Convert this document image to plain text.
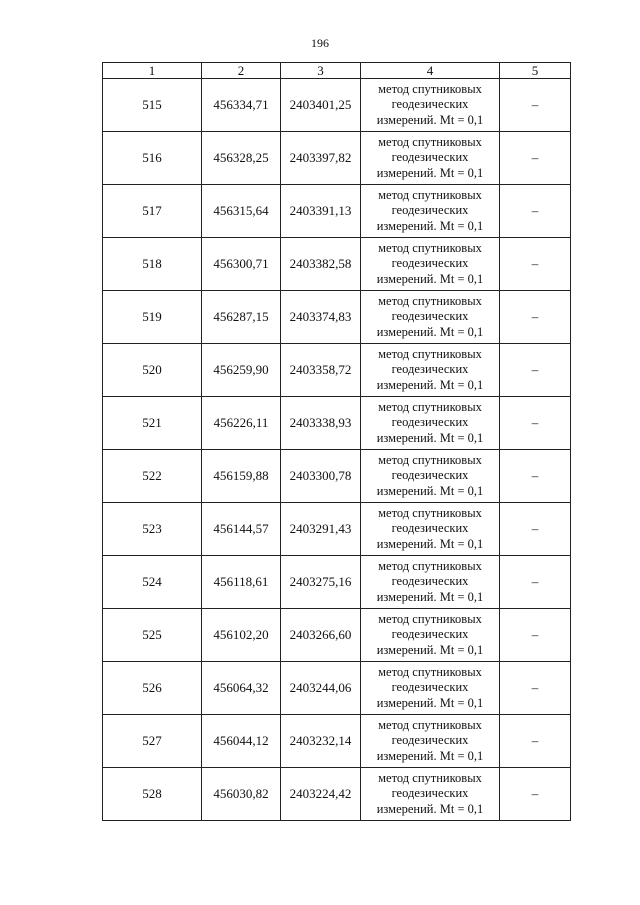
196
1	2	3	4	5
515	456334,71	2403401,25	метод спутниковых
геодезических
измерений. Mt = 0,1	–
516	456328,25	2403397,82	метод спутниковых
геодезических
измерений. Mt = 0,1	–
517	456315,64	2403391,13	метод спутниковых
геодезических
измерений. Mt = 0,1	–
518	456300,71	2403382,58	метод спутниковых
геодезических
измерений. Mt = 0,1	–
519	456287,15	2403374,83	метод спутниковых
геодезических
измерений. Mt = 0,1	–
520	456259,90	2403358,72	метод спутниковых
геодезических
измерений. Mt = 0,1	–
521	456226,11	2403338,93	метод спутниковых
геодезических
измерений. Mt = 0,1	–
522	456159,88	2403300,78	метод спутниковых
геодезических
измерений. Mt = 0,1	–
523	456144,57	2403291,43	метод спутниковых
геодезических
измерений. Mt = 0,1	–
524	456118,61	2403275,16	метод спутниковых
геодезических
измерений. Mt = 0,1	–
525	456102,20	2403266,60	метод спутниковых
геодезических
измерений. Mt = 0,1	–
526	456064,32	2403244,06	метод спутниковых
геодезических
измерений. Mt = 0,1	–
527	456044,12	2403232,14	метод спутниковых
геодезических
измерений. Mt = 0,1	–
528	456030,82	2403224,42	метод спутниковых
геодезических
измерений. Mt = 0,1	–
